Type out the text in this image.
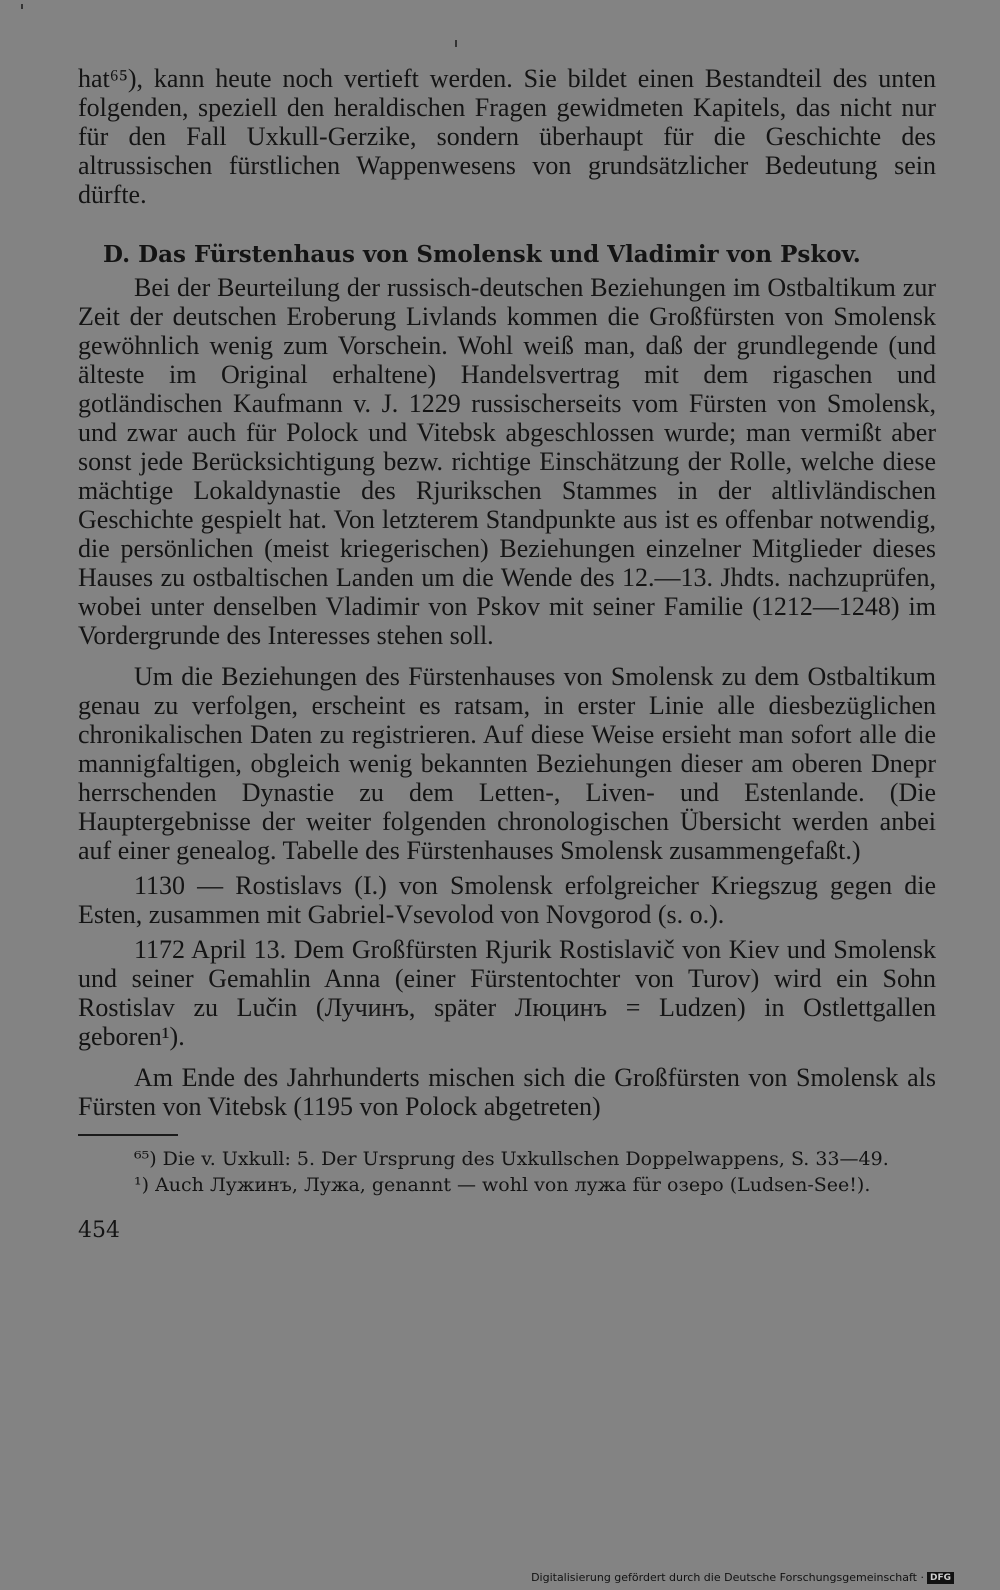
hat⁶⁵), kann heute noch vertieft werden. Sie bildet einen Bestandteil des unten folgenden, speziell den heraldischen Fragen gewidmeten Kapitels, das nicht nur für den Fall Uxkull-Gerzike, sondern überhaupt für die Geschichte des altrussischen fürstlichen Wappenwesens von grundsätzlicher Bedeutung sein dürfte.

D. Das Fürstenhaus von Smolensk und Vladimir von Pskov.

Bei der Beurteilung der russisch-deutschen Beziehungen im Ostbaltikum zur Zeit der deutschen Eroberung Livlands kommen die Großfürsten von Smolensk gewöhnlich wenig zum Vorschein. Wohl weiß man, daß der grundlegende (und älteste im Original erhaltene) Handelsvertrag mit dem rigaschen und gotländischen Kaufmann v. J. 1229 russischerseits vom Fürsten von Smolensk, und zwar auch für Polock und Vitebsk abgeschlossen wurde; man vermißt aber sonst jede Berücksichtigung bezw. richtige Einschätzung der Rolle, welche diese mächtige Lokaldynastie des Rjurikschen Stammes in der altlivländischen Geschichte gespielt hat. Von letzterem Standpunkte aus ist es offenbar notwendig, die persönlichen (meist kriegerischen) Beziehungen einzelner Mitglieder dieses Hauses zu ostbaltischen Landen um die Wende des 12.—13. Jhdts. nachzuprüfen, wobei unter denselben Vladimir von Pskov mit seiner Familie (1212—1248) im Vordergrunde des Interesses stehen soll.

Um die Beziehungen des Fürstenhauses von Smolensk zu dem Ostbaltikum genau zu verfolgen, erscheint es ratsam, in erster Linie alle diesbezüglichen chronikalischen Daten zu registrieren. Auf diese Weise ersieht man sofort alle die mannigfaltigen, obgleich wenig bekannten Beziehungen dieser am oberen Dnepr herrschenden Dynastie zu dem Letten-, Liven- und Estenlande. (Die Hauptergebnisse der weiter folgenden chronologischen Übersicht werden anbei auf einer genealog. Tabelle des Fürstenhauses Smolensk zusammengefaßt.)

1130 — Rostislavs (I.) von Smolensk erfolgreicher Kriegszug gegen die Esten, zusammen mit Gabriel-Vsevolod von Novgorod (s. o.).

1172 April 13. Dem Großfürsten Rjurik Rostislavič von Kiev und Smolensk und seiner Gemahlin Anna (einer Fürstentochter von Turov) wird ein Sohn Rostislav zu Lučin (Лучинъ, später Люцинъ = Ludzen) in Ostlettgallen geboren¹).

Am Ende des Jahrhunderts mischen sich die Großfürsten von Smolensk als Fürsten von Vitebsk (1195 von Polock abgetreten)

⁶⁵) Die v. Uxkull: 5. Der Ursprung des Uxkullschen Doppelwappens, S. 33—49.

¹) Auch Лужинъ, Лужа, genannt — wohl von лужа für озеро (Ludsen-See!).

454
Digitalisierung gefördert durch die Deutsche Forschungsgemeinschaft · DFG
